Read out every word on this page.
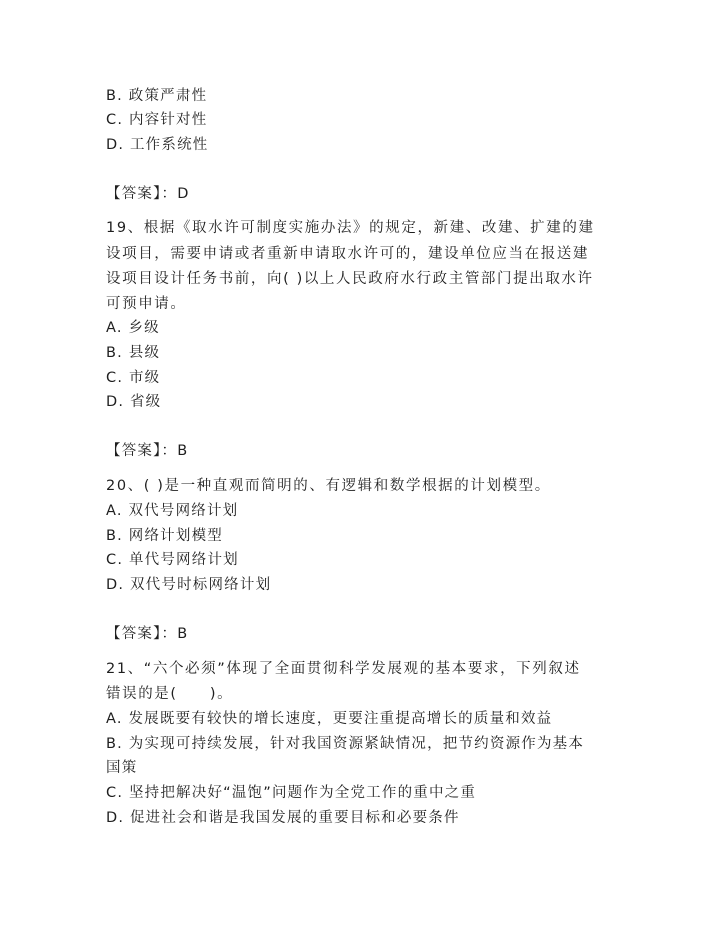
B. 政策严肃性
C. 内容针对性
D. 工作系统性
【答案】：D
19、根据《取水许可制度实施办法》的规定，新建、改建、扩建的建
设项目，需要申请或者重新申请取水许可的，建设单位应当在报送建
设项目设计任务书前，向( )以上人民政府水行政主管部门提出取水许
可预申请。
A. 乡级
B. 县级
C. 市级
D. 省级
【答案】：B
20、( )是一种直观而简明的、有逻辑和数学根据的计划模型。
A. 双代号网络计划
B. 网络计划模型
C. 单代号网络计划
D. 双代号时标网络计划
【答案】：B
21、“六个必须”体现了全面贯彻科学发展观的基本要求，下列叙述
错误的是(　　)。
A. 发展既要有较快的增长速度，更要注重提高增长的质量和效益
B. 为实现可持续发展，针对我国资源紧缺情况，把节约资源作为基本
国策
C. 坚持把解决好“温饱”问题作为全党工作的重中之重
D. 促进社会和谐是我国发展的重要目标和必要条件
